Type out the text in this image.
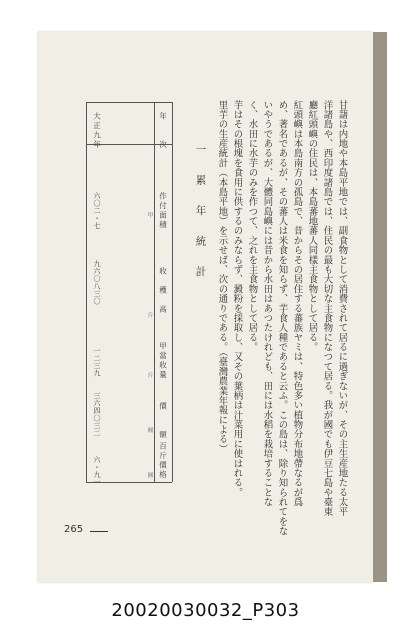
甘藷は内地や本島平地では、副食物として消費されて居るに過ぎないが、その主生産地たる太平
洋諸島や、西印度諸島では、住民の最も大切な主食物になつて居る。我が國でも伊豆七島や臺東
廳紅頭嶼の住民は、本島蕃地蕃人同樣主食物として居る。
紅頭嶼は本島南方の孤島で、昔からその居住する蕃族ヤミは、特色多い植物分布地帶なるが爲
め、著名であるが、その蕃人は米食を知らず、芋食人種であると云ふ。この島は、除り知られてをな
いやうであるが、大體同島嶼には昔から水田はあつたけれども、田には水稻を栽培することな
く、水田に水芋のみを作つて、之れを主食物として居る。
芋はその根塊を食用に供するのみならず、澱粉を採取し、又その葉柄は汁菜用に使はれる。
里芋の生産統計（本島平地）を示せば、次の通りである。（臺灣農業年報による）
一 累 年 統 計
年　　次
作付面積
收　穫　高
甲當收量
價　　額
百斤價格
甲
斤
斤
圓
圓
大正九年
六〇二・七
九六〇八三〇
一二三九
三六四〇三二
六・九一
265
20020030032_P303
